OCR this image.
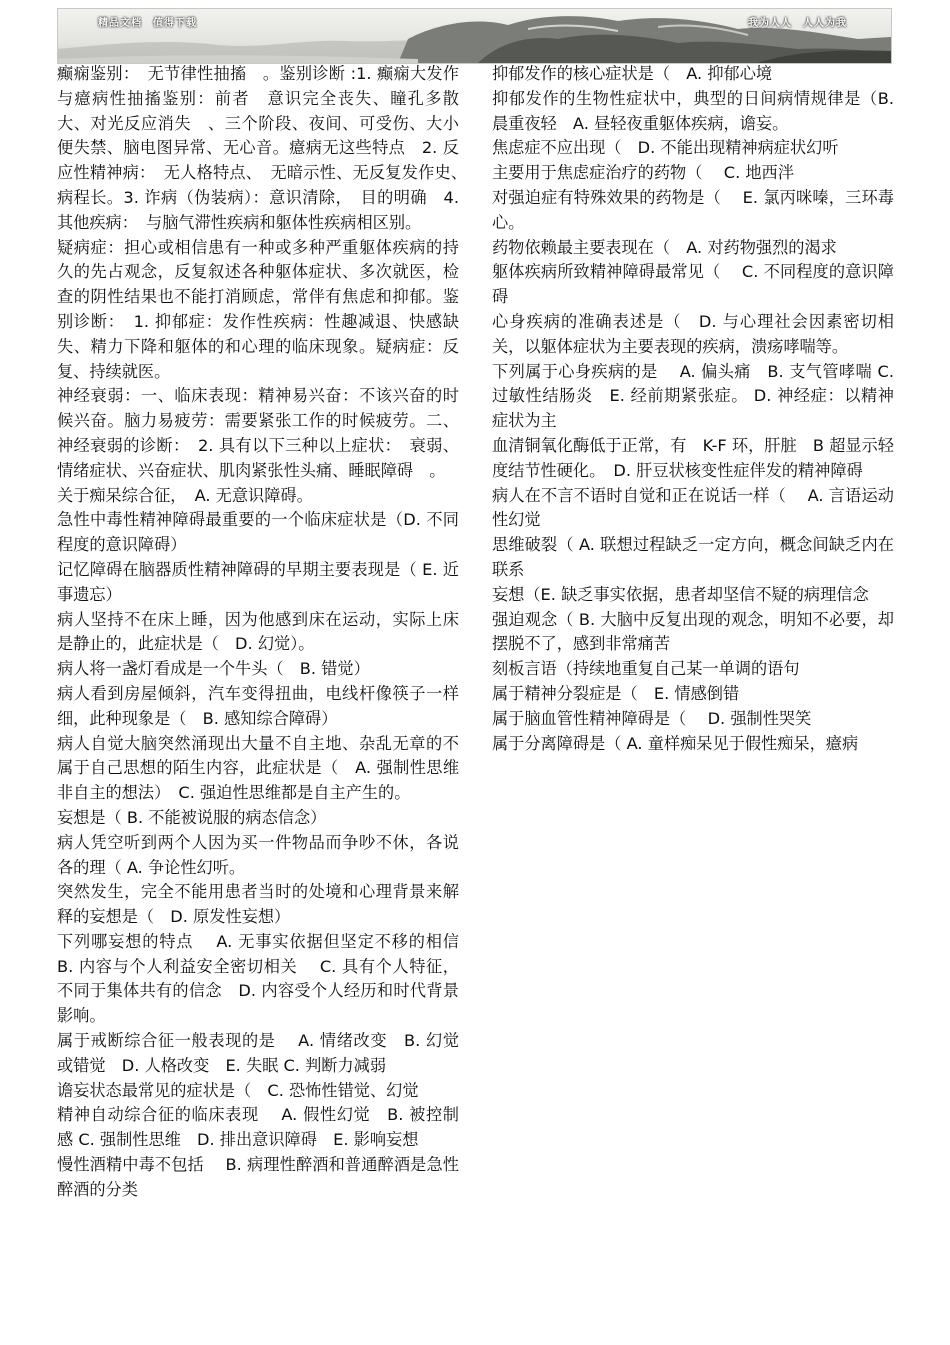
精品文档　值得下载	我为人人　人人为我

癫痫鉴别：　无节律性抽搐　。鉴别诊断 :1. 癫痫大发作与癔病性抽搐鉴别：前者　意识完全丧失、瞳孔多散大、对光反应消失　、三个阶段、夜间、可受伤、大小便失禁、脑电图异常、无心音。癔病无这些特点　2. 反应性精神病：　无人格特点、　无暗示性、无反复发作史、　病程长。3. 诈病（伪装病）：意识清除，　目的明确　4. 其他疾病：　与脑气滞性疾病和躯体性疾病相区别。

疑病症：担心或相信患有一种或多种严重躯体疾病的持久的先占观念，反复叙述各种躯体症状、多次就医，检查的阴性结果也不能打消顾虑，常伴有焦虑和抑郁。鉴别诊断：　1. 抑郁症：发作性疾病：性趣减退、快感缺失、精力下降和躯体的和心理的临床现象。疑病症：反复、持续就医。

神经衰弱：一、临床表现：精神易兴奋：不该兴奋的时候兴奋。脑力易疲劳：需要紧张工作的时候疲劳。二、神经衰弱的诊断：　2. 具有以下三种以上症状：　衰弱、情绪症状、兴奋症状、肌肉紧张性头痛、睡眠障碍　。

关于痴呆综合征，　A. 无意识障碍。

急性中毒性精神障碍最重要的一个临床症状是（D. 不同程度的意识障碍）

记忆障碍在脑器质性精神障碍的早期主要表现是（ E. 近事遗忘）

病人坚持不在床上睡，因为他感到床在运动，实际上床是静止的，此症状是（　D. 幻觉）。

病人将一盏灯看成是一个牛头（　B. 错觉）

病人看到房屋倾斜，汽车变得扭曲，电线杆像筷子一样细，此种现象是（　B. 感知综合障碍）

病人自觉大脑突然涌现出大量不自主地、杂乱无章的不属于自己思想的陌生内容，此症状是（　A. 强制性思维非自主的想法）　C. 强迫性思维都是自主产生的。

妄想是（ B. 不能被说服的病态信念）

病人凭空听到两个人因为买一件物品而争吵不休，各说各的理（ A. 争论性幻听。

突然发生，完全不能用患者当时的处境和心理背景来解释的妄想是（　D. 原发性妄想）

下列哪妄想的特点　 A. 无事实依据但坚定不移的相信　B. 内容与个人利益安全密切相关　 C. 具有个人特征，不同于集体共有的信念　D. 内容受个人经历和时代背景影响。

属于戒断综合征一般表现的是　 A. 情绪改变　B. 幻觉或错觉　D. 人格改变　E. 失眠 C. 判断力减弱

谵妄状态最常见的症状是（　C. 恐怖性错觉、幻觉

精神自动综合征的临床表现　 A. 假性幻觉　B. 被控制感 C. 强制性思维　D. 排出意识障碍　E. 影响妄想

慢性酒精中毒不包括　 B. 病理性醉酒和普通醉酒是急性醉酒的分类

抑郁发作的核心症状是（　A. 抑郁心境

抑郁发作的生物性症状中，典型的日间病情规律是（B. 晨重夜轻　A. 昼轻夜重躯体疾病，谵妄。

焦虑症不应出现（　D. 不能出现精神病症状幻听

主要用于焦虑症治疗的药物（　 C. 地西泮

对强迫症有特殊效果的药物是（　 E. 氯丙咪嗪，三环毒心。

药物依赖最主要表现在（　A. 对药物强烈的渴求

躯体疾病所致精神障碍最常见（　 C. 不同程度的意识障碍

心身疾病的准确表述是（　D. 与心理社会因素密切相关，以躯体症状为主要表现的疾病，溃疡哮喘等。

下列属于心身疾病的是　 A. 偏头痛　B. 支气管哮喘 C. 过敏性结肠炎　E. 经前期紧张症。 D. 神经症：以精神症状为主

血清铜氧化酶低于正常，有　K-F 环，肝脏　B 超显示轻度结节性硬化。　D. 肝豆状核变性症伴发的精神障碍

病人在不言不语时自觉和正在说话一样（　 A. 言语运动性幻觉

思维破裂（ A. 联想过程缺乏一定方向，概念间缺乏内在联系

妄想（E. 缺乏事实依据，患者却坚信不疑的病理信念

强迫观念（ B. 大脑中反复出现的观念，明知不必要，却摆脱不了，感到非常痛苦

刻板言语（持续地重复自己某一单调的语句

属于精神分裂症是（　E. 情感倒错

属于脑血管性精神障碍是（　 D. 强制性哭笑

属于分离障碍是（ A. 童样痴呆见于假性痴呆，癔病
